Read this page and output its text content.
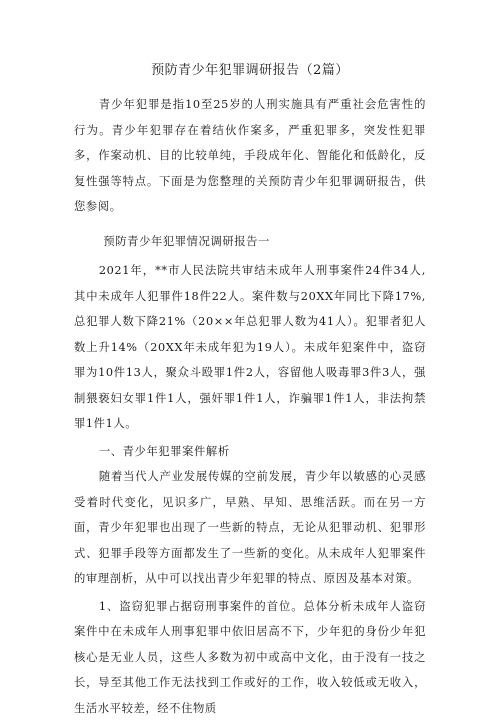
预防青少年犯罪调研报告（2篇）

青少年犯罪是指10至25岁的人刑实施具有严重社会危害性的行为。青少年犯罪存在着结伙作案多，严重犯罪多，突发性犯罪多，作案动机、目的比较单纯，手段成年化、智能化和低龄化，反复性强等特点。下面是为您整理的关预防青少年犯罪调研报告，供您参阅。

预防青少年犯罪情况调研报告一

2021年，**市人民法院共审结未成年人刑事案件24件34人,其中未成年人犯罪件18件22人。案件数与20XX年同比下降17%,总犯罪人数下降21%（20××年总犯罪人数为41人）。犯罪者犯人数上升14%（20XX年未成年犯为19人）。未成年犯案件中，盗窃罪为10件13人，聚众斗殴罪1件2人，容留他人吸毒罪3件3人，强制猥亵妇女罪1件1人，强奸罪1件1人，诈骗罪1件1人，非法拘禁罪1件1人。

一、青少年犯罪案件解析

随着当代人产业发展传媒的空前发展，青少年以敏感的心灵感受着时代变化，见识多广，早熟、早知、思维活跃。而在另一方面，青少年犯罪也出现了一些新的特点，无论从犯罪动机、犯罪形式、犯罪手段等方面都发生了一些新的变化。从未成年人犯罪案件的审理剖析，从中可以找出青少年犯罪的特点、原因及基本对策。

1、盗窃犯罪占据窃刑事案件的首位。总体分析未成年人盗窃案件中在未成年人刑事犯罪中依旧居高不下，少年犯的身份少年犯核心是无业人员，这些人多数为初中或高中文化，由于没有一技之长，导至其他工作无法找到工作或好的工作，收入较低或无收入，生活水平较差，经不住物质
